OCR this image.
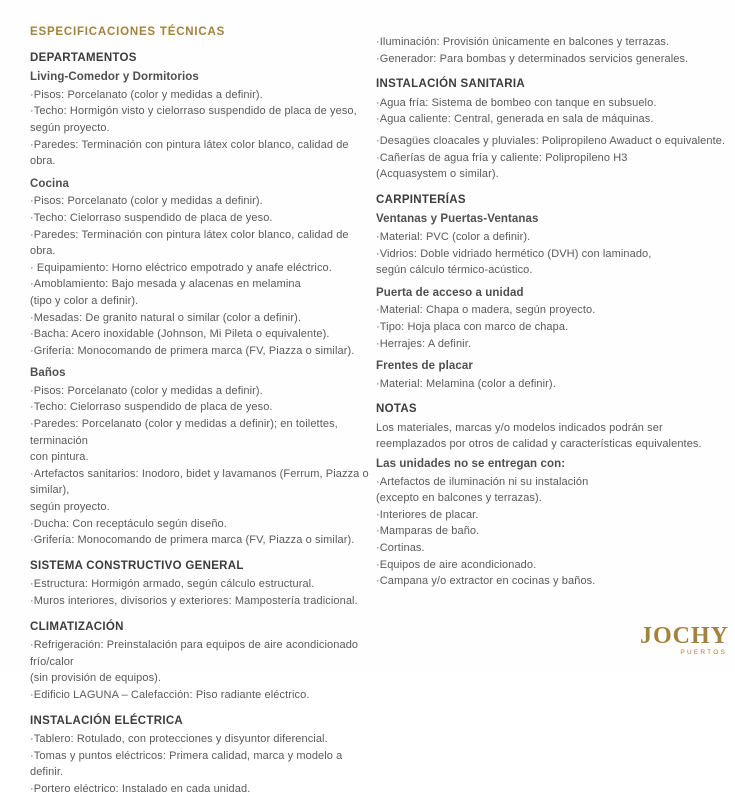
ESPECIFICACIONES TÉCNICAS

DEPARTAMENTOS

Living-Comedor y Dormitorios

·Pisos: Porcelanato (color y medidas a definir).

·Techo: Hormigón visto y cielorraso suspendido de placa de yeso,

según proyecto.

·Paredes: Terminación con pintura látex color blanco, calidad de obra.

Cocina

·Pisos: Porcelanato (color y medidas a definir).

·Techo: Cielorraso suspendido de placa de yeso.

·Paredes: Terminación con pintura látex color blanco, calidad de obra.

· Equipamiento: Horno eléctrico empotrado y anafe eléctrico.

·Amoblamiento: Bajo mesada y alacenas en melamina

(tipo y color a definir).

·Mesadas: De granito natural o similar (color a definir).

·Bacha: Acero inoxidable (Johnson, Mi Pileta o equivalente).

·Grifería: Monocomando de primera marca (FV, Piazza o similar).

Baños

·Pisos: Porcelanato (color y medidas a definir).

·Techo: Cielorraso suspendido de placa de yeso.

·Paredes: Porcelanato (color y medidas a definir); en toilettes, terminación

con pintura.

·Artefactos sanitarios: Inodoro, bidet y lavamanos (Ferrum, Piazza o similar),

según proyecto.

·Ducha: Con receptáculo según diseño.

·Grifería: Monocomando de primera marca (FV, Piazza o similar).

SISTEMA CONSTRUCTIVO GENERAL

·Estructura: Hormigón armado, según cálculo estructural.

·Muros interiores, divisorios y exteriores: Mampostería tradicional.

CLIMATIZACIÓN

·Refrigeración: Preinstalación para equipos de aire acondicionado frío/calor

(sin provisión de equipos).

·Edificio LAGUNA – Calefacción: Piso radiante eléctrico.

INSTALACIÓN ELÉCTRICA

·Tablero: Rotulado, con protecciones y disyuntor diferencial.

·Tomas y puntos eléctricos: Primera calidad, marca y modelo a definir.

·Portero eléctrico: Instalado en cada unidad.

·Iluminación: Provisión únicamente en balcones y terrazas.

·Generador: Para bombas y determinados servicios generales.

INSTALACIÓN SANITARIA

·Agua fría: Sistema de bombeo con tanque en subsuelo.

·Agua caliente: Central, generada en sala de máquinas.

·Desagües cloacales y pluviales: Polipropileno Awaduct o equivalente.

·Cañerías de agua fría y caliente: Polipropileno H3

(Acquasystem o similar).

CARPINTERÍAS

Ventanas y Puertas-Ventanas

·Material: PVC (color a definir).

·Vidrios: Doble vidriado hermético (DVH) con laminado,

según cálculo térmico-acústico.

Puerta de acceso a unidad

·Material: Chapa o madera, según proyecto.

·Tipo: Hoja placa con marco de chapa.

·Herrajes: A definir.

Frentes de placar

·Material: Melamina (color a definir).

NOTAS

Los materiales, marcas y/o modelos indicados podrán ser

reemplazados por otros de calidad y características equivalentes.

Las unidades no se entregan con:

·Artefactos de iluminación ni su instalación

(excepto en balcones y terrazas).

·Interiores de placar.

·Mamparas de baño.

·Cortinas.

·Equipos de aire acondicionado.

·Campana y/o extractor en cocinas y baños.

JOCHY
PUERTOS
